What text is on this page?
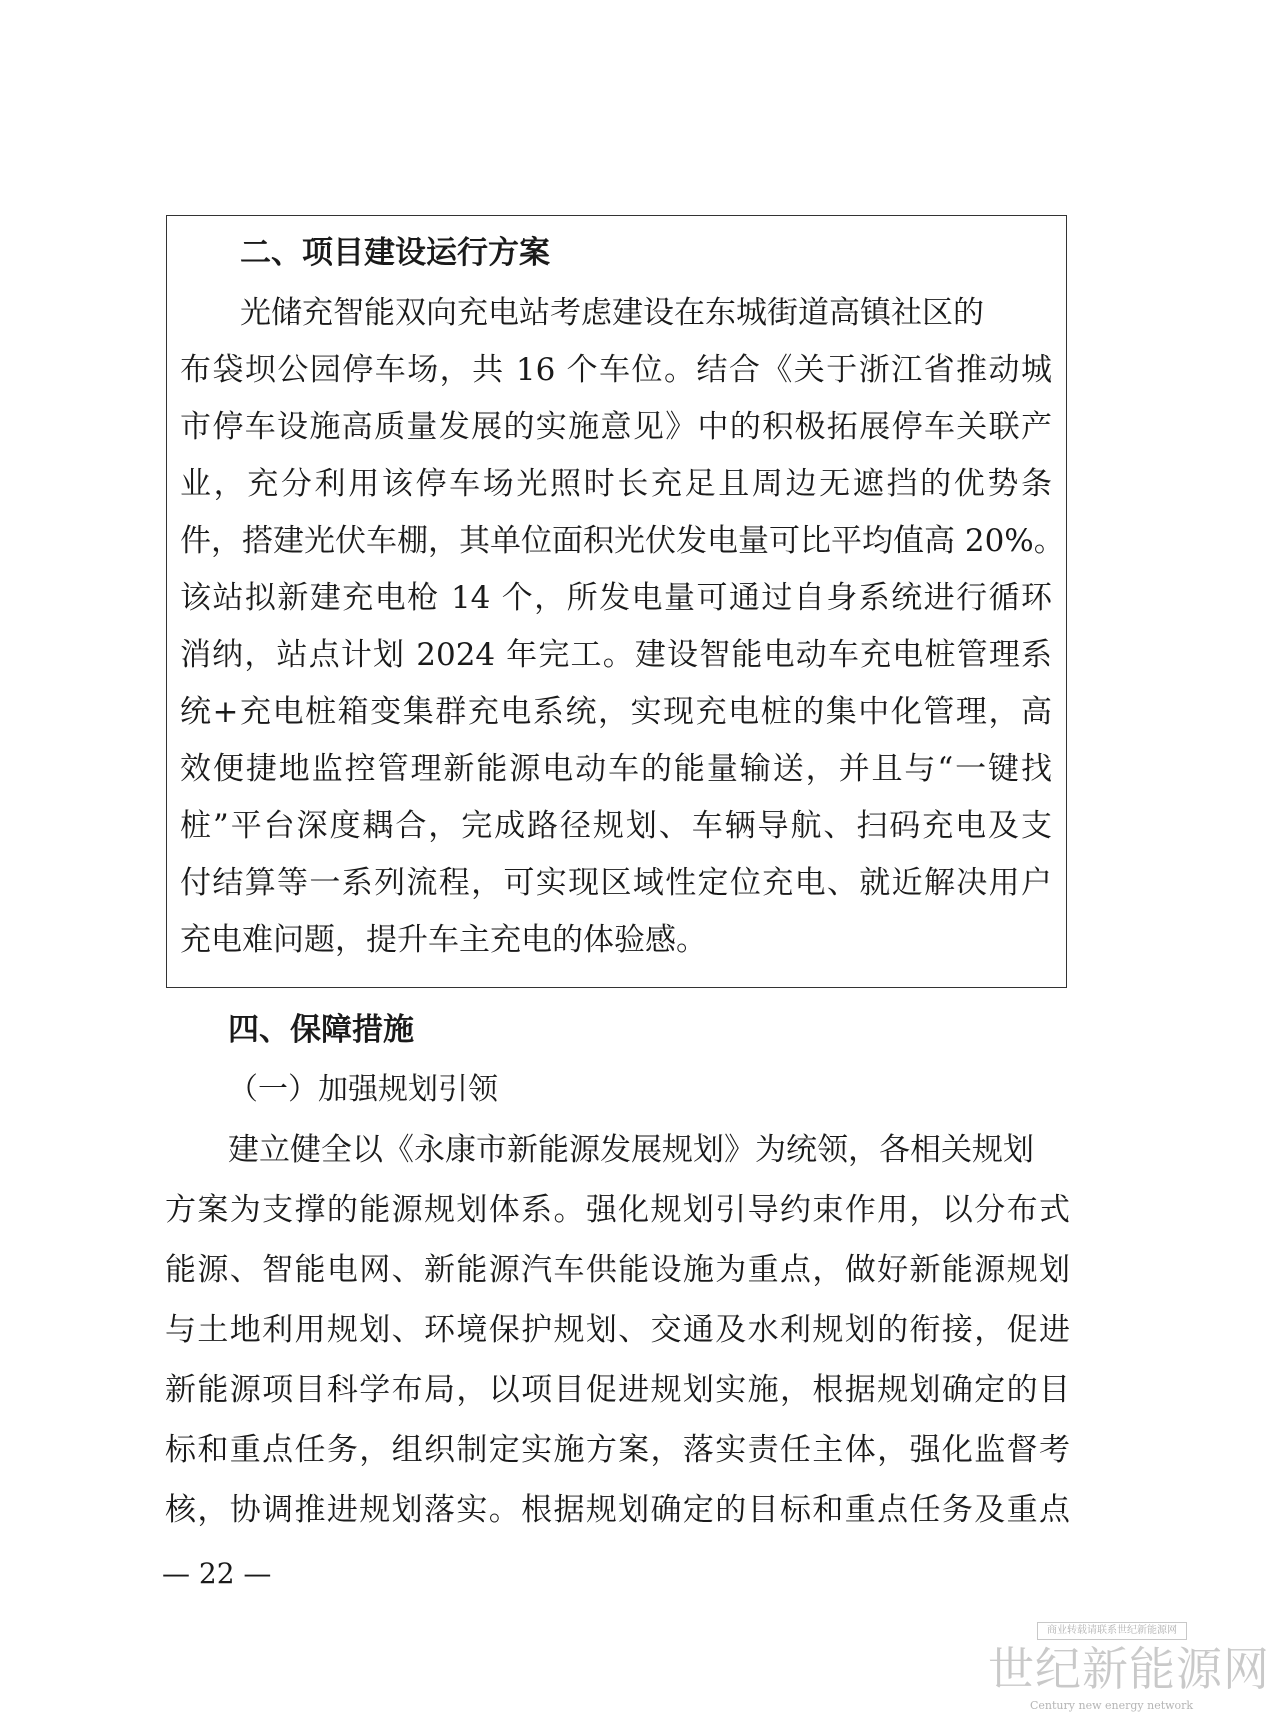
二、项目建设运行方案
光储充智能双向充电站考虑建设在东城街道高镇社区的
布袋坝公园停车场，共 16 个车位。结合《关于浙江省推动城
市停车设施高质量发展的实施意见》中的积极拓展停车关联产
业，充分利用该停车场光照时长充足且周边无遮挡的优势条
件，搭建光伏车棚，其单位面积光伏发电量可比平均值高 20%。
该站拟新建充电枪 14 个，所发电量可通过自身系统进行循环
消纳，站点计划 2024 年完工。建设智能电动车充电桩管理系
统+充电桩箱变集群充电系统，实现充电桩的集中化管理，高
效便捷地监控管理新能源电动车的能量输送，并且与“一键找
桩”平台深度耦合，完成路径规划、车辆导航、扫码充电及支
付结算等一系列流程，可实现区域性定位充电、就近解决用户
充电难问题，提升车主充电的体验感。
四、保障措施
（一）加强规划引领
建立健全以《永康市新能源发展规划》为统领，各相关规划
方案为支撑的能源规划体系。强化规划引导约束作用，以分布式
能源、智能电网、新能源汽车供能设施为重点，做好新能源规划
与土地利用规划、环境保护规划、交通及水利规划的衔接，促进
新能源项目科学布局，以项目促进规划实施，根据规划确定的目
标和重点任务，组织制定实施方案，落实责任主体，强化监督考
核，协调推进规划落实。根据规划确定的目标和重点任务及重点
— 22 —
商业转载请联系世纪新能源网
世纪新能源网
Century new energy network
